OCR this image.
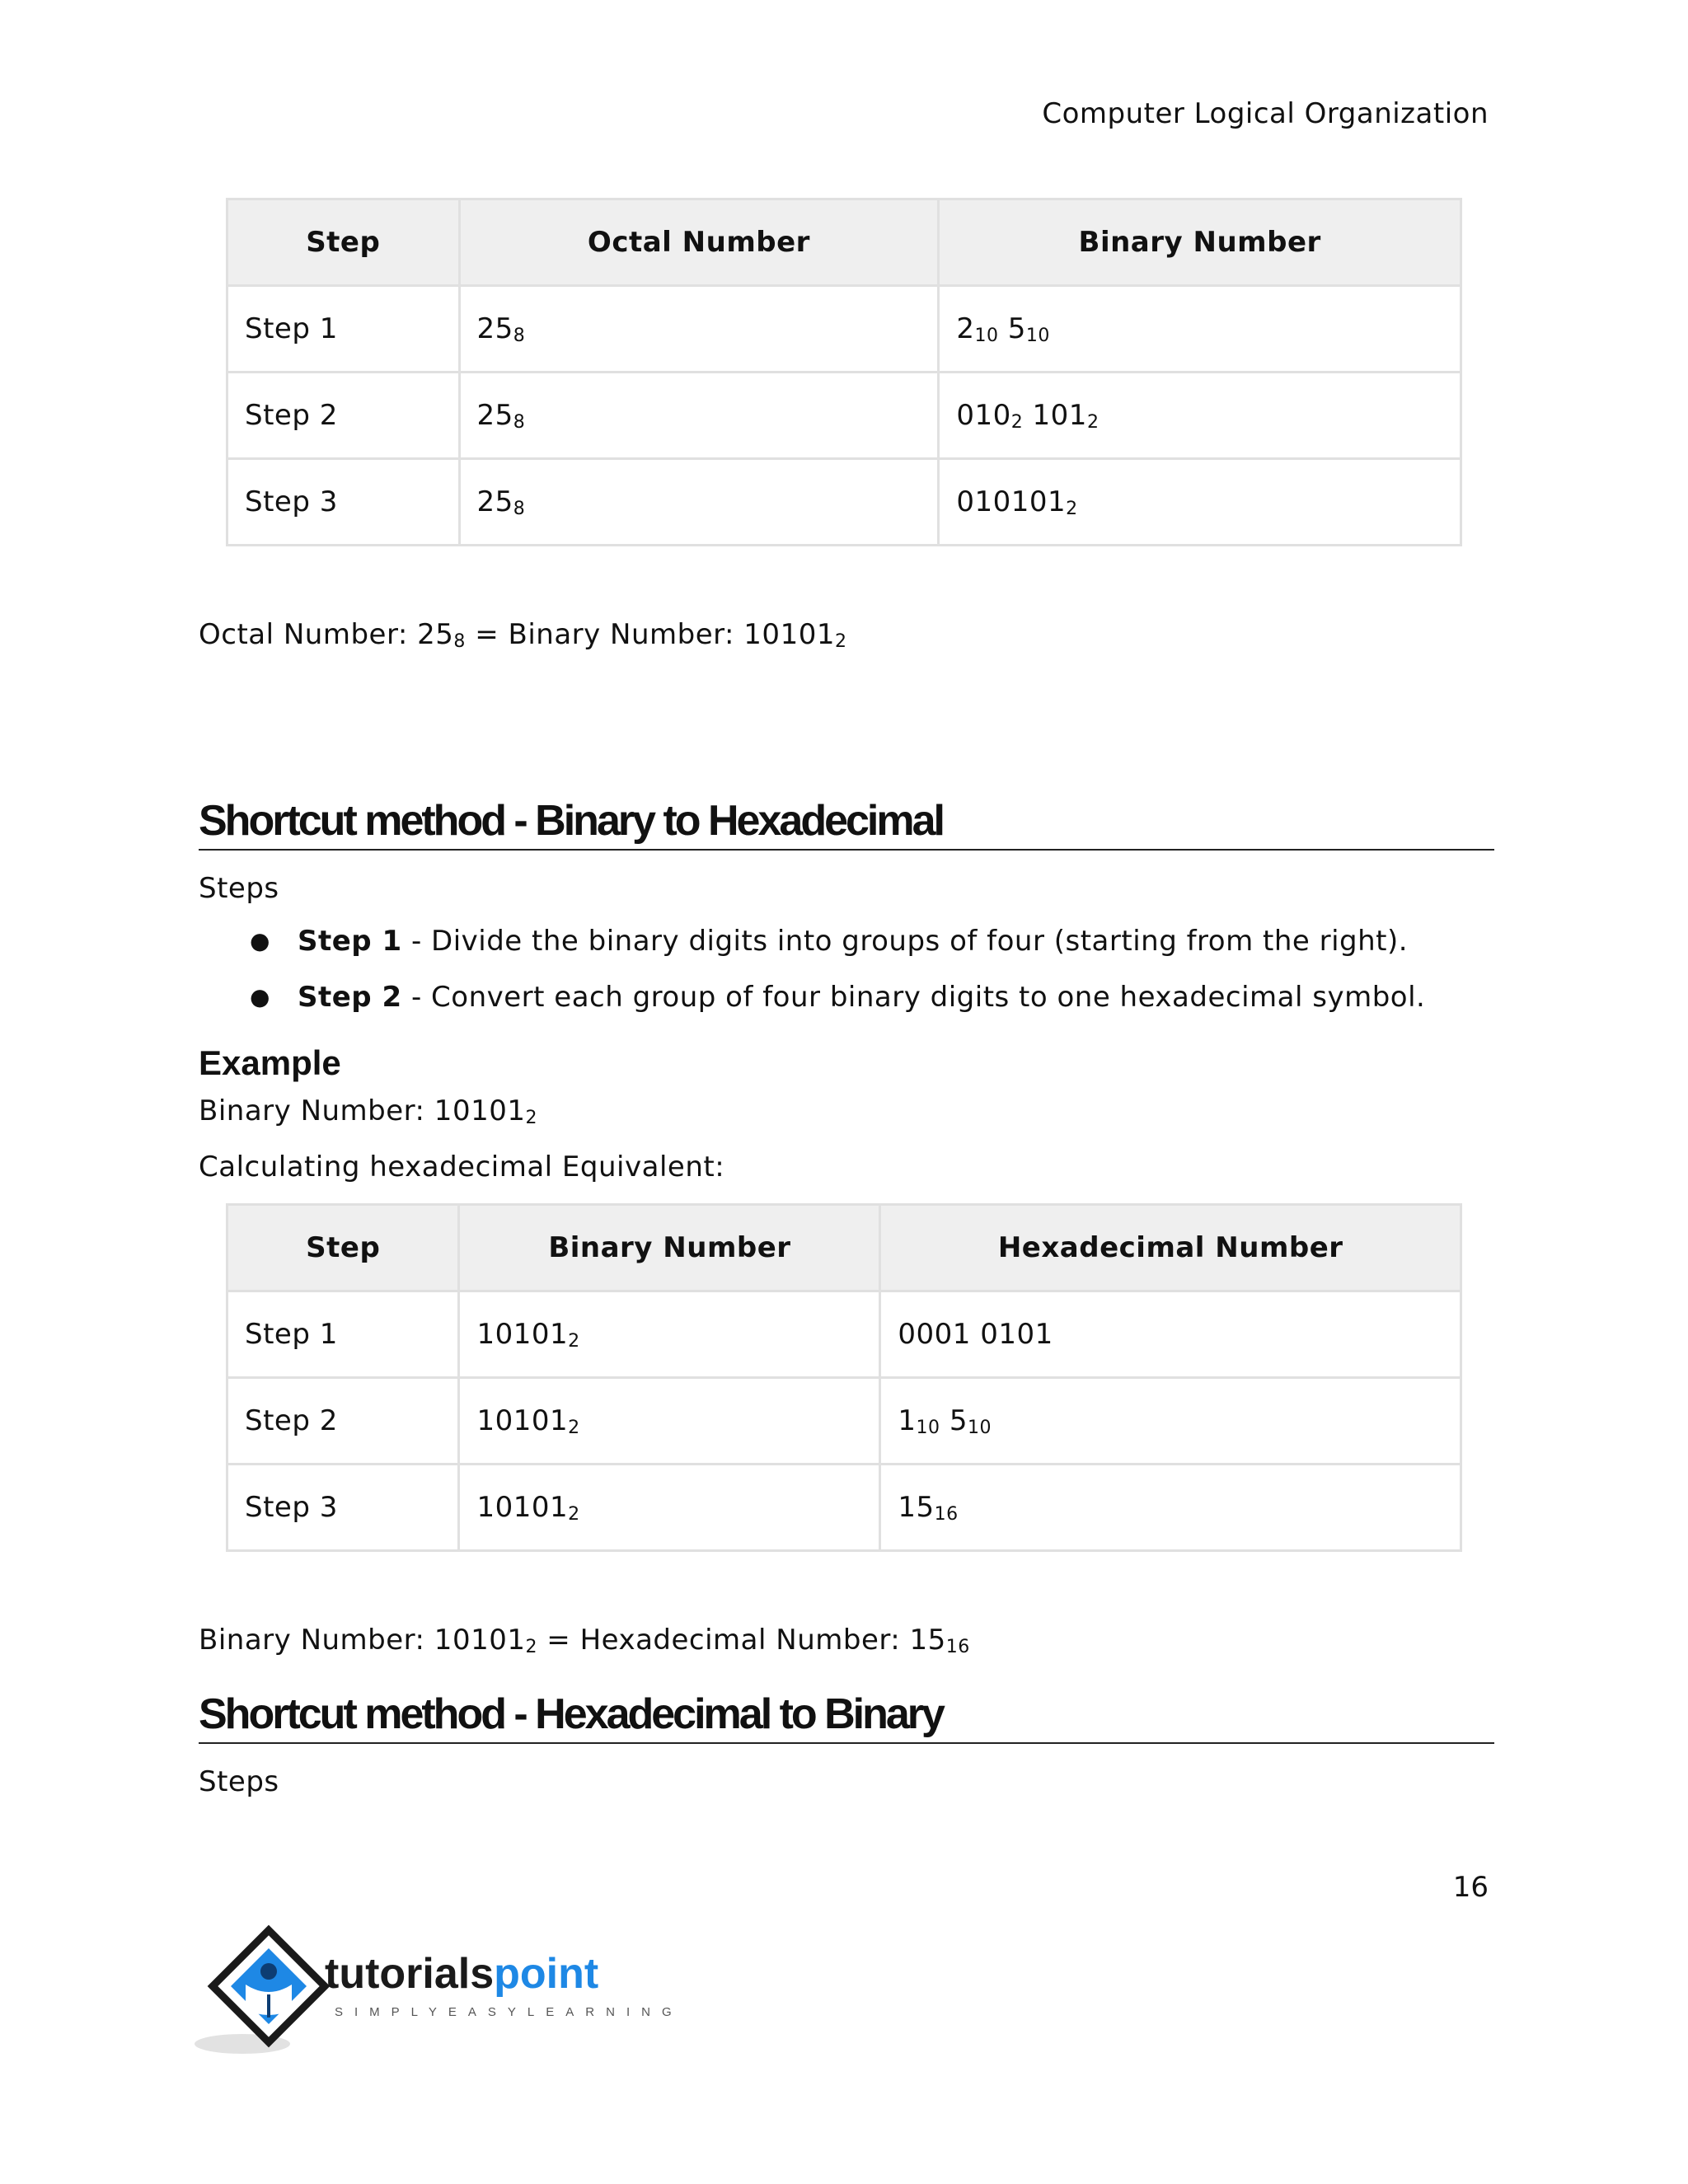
Computer Logical Organization
Step	Octal Number	Binary Number
Step 1	$25_8$	$2_{10}$ $5_{10}$
Step 2	$25_8$	$010_2$ $101_2$
Step 3	$25_8$	$010101_2$

Octal Number: $25_8$ = Binary Number: $10101_2$

Shortcut method - Binary to Hexadecimal

Steps

● Step 1 - Divide the binary digits into groups of four (starting from the right).
● Step 2 - Convert each group of four binary digits to one hexadecimal symbol.
Example

Binary Number: $10101_2$

Calculating hexadecimal Equivalent:

Step	Binary Number	Hexadecimal Number
Step 1	$10101_2$	0001 0101
Step 2	$10101_2$	$1_{10}$ $5_{10}$
Step 3	$10101_2$	$15_{16}$

Binary Number: $10101_2$ = Hexadecimal Number: $15_{16}$

Shortcut method - Hexadecimal to Binary

Steps

16
tutorialspoint
SIMPLYEASYLEARNING
